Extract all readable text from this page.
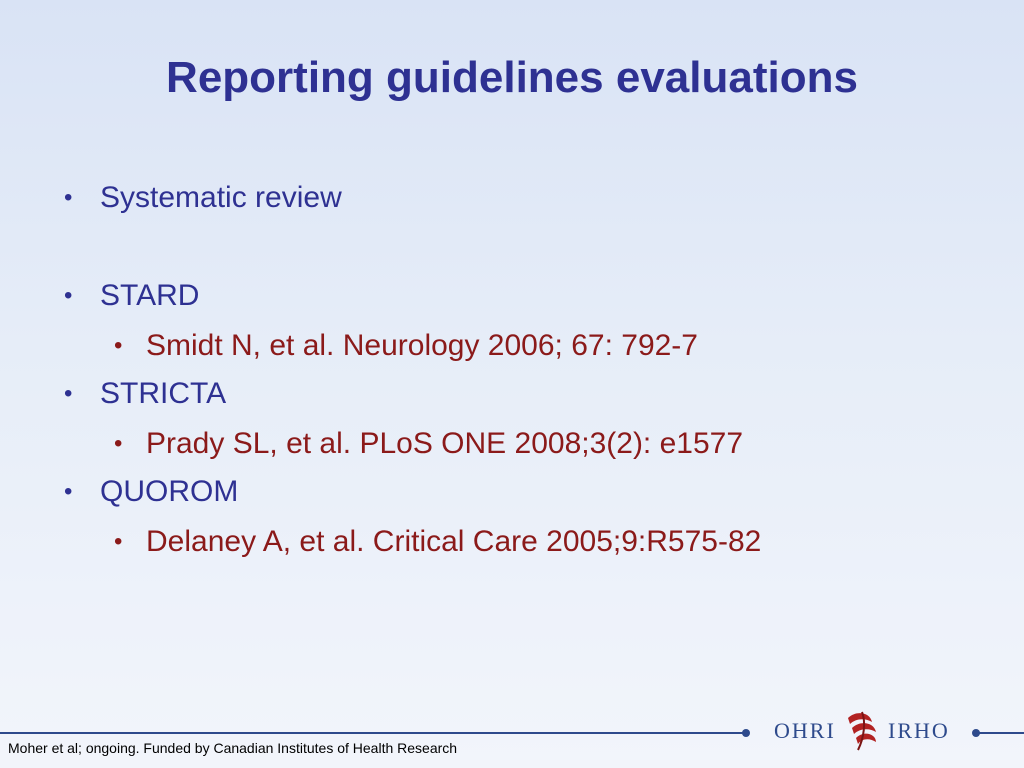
Reporting guidelines evaluations
• Systematic review
• STARD
• Smidt N, et al. Neurology 2006; 67: 792-7
• STRICTA
• Prady SL, et al. PLoS ONE 2008;3(2): e1577
• QUOROM
• Delaney A, et al. Critical Care 2005;9:R575-82
OHRI IRHO
Moher et al; ongoing. Funded by Canadian Institutes of Health Research
